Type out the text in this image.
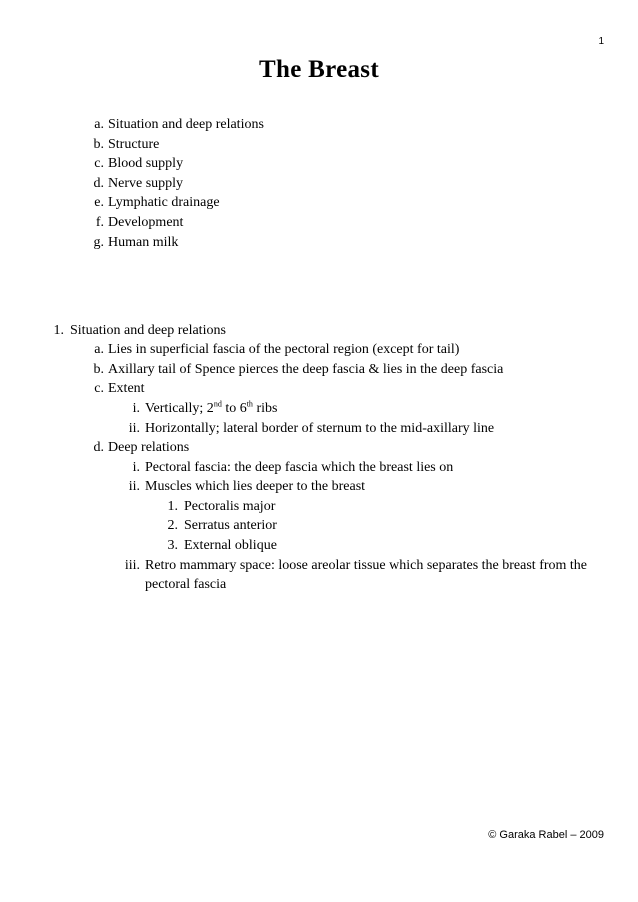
1
The Breast
a. Situation and deep relations
b. Structure
c. Blood supply
d. Nerve supply
e. Lymphatic drainage
f. Development
g. Human milk
1. Situation and deep relations
a. Lies in superficial fascia of the pectoral region (except for tail)
b. Axillary tail of Spence pierces the deep fascia & lies in the deep fascia
c. Extent
i. Vertically; 2nd to 6th ribs
ii. Horizontally; lateral border of sternum to the mid-axillary line
d. Deep relations
i. Pectoral fascia: the deep fascia which the breast lies on
ii. Muscles which lies deeper to the breast
1. Pectoralis major
2. Serratus anterior
3. External oblique
iii. Retro mammary space: loose areolar tissue which separates the breast from the
pectoral fascia
© Garaka Rabel – 2009
